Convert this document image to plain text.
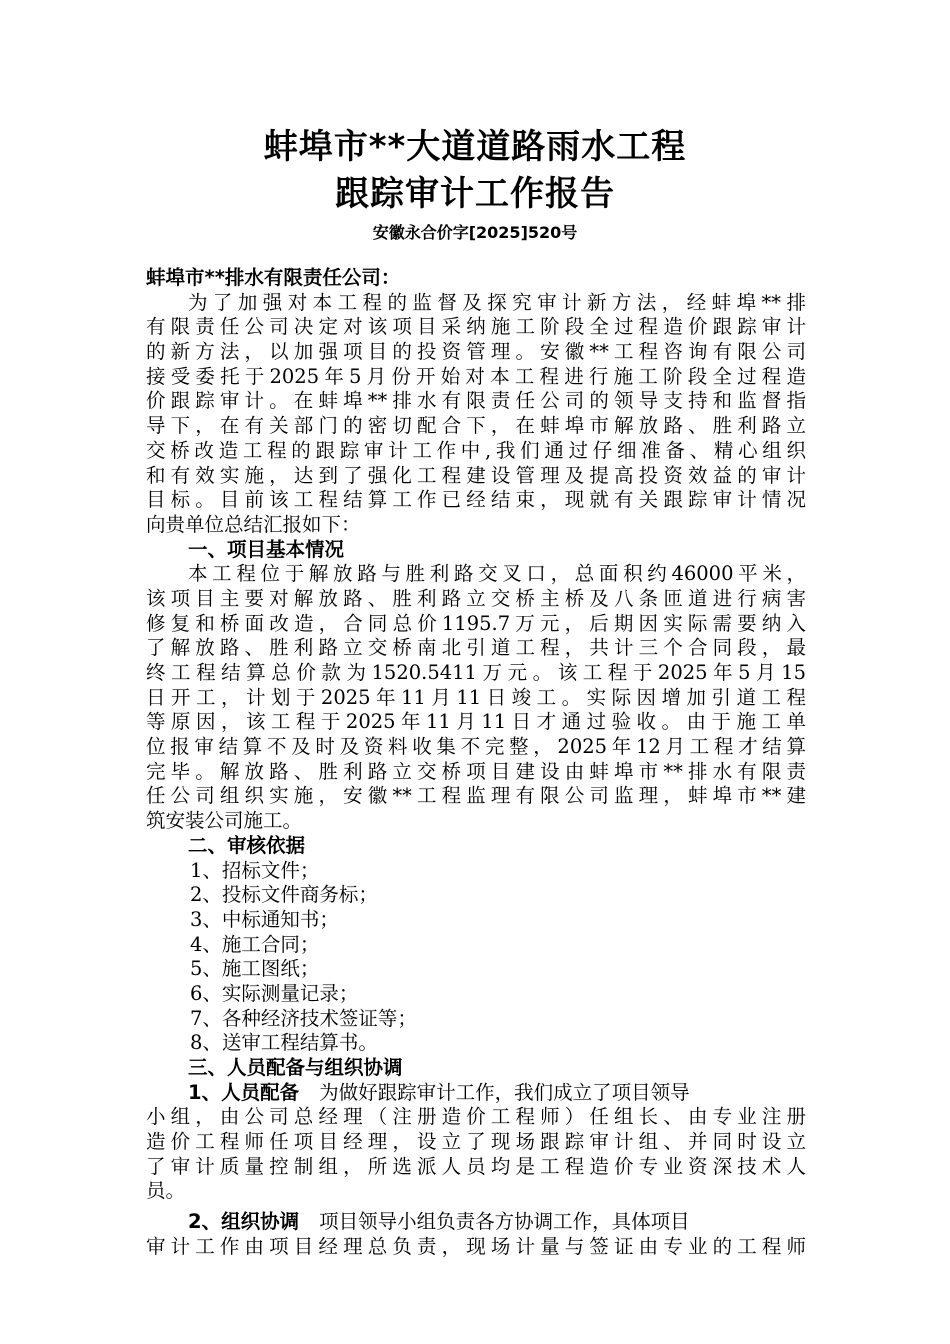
蚌埠市**大道道路雨水工程
跟踪审计工作报告
安徽永合价字[2025]520号
蚌埠市**排水有限责任公司：
为了加强对本工程的监督及探究审计新方法，经蚌埠**排
有限责任公司决定对该项目采纳施工阶段全过程造价跟踪审计
的新方法，以加强项目的投资管理。安徽**工程咨询有限公司
接受委托于2025年5月份开始对本工程进行施工阶段全过程造
价跟踪审计。在蚌埠**排水有限责任公司的领导支持和监督指
导下，在有关部门的密切配合下，在蚌埠市解放路、胜利路立
交桥改造工程的跟踪审计工作中,我们通过仔细准备、精心组织
和有效实施，达到了强化工程建设管理及提高投资效益的审计
目标。目前该工程结算工作已经结束，现就有关跟踪审计情况
向贵单位总结汇报如下：
一、项目基本情况
本工程位于解放路与胜利路交叉口，总面积约46000平米，
该项目主要对解放路、胜利路立交桥主桥及八条匝道进行病害
修复和桥面改造，合同总价1195.7万元，后期因实际需要纳入
了解放路、胜利路立交桥南北引道工程，共计三个合同段，最
终工程结算总价款为1520.5411万元。该工程于2025年5月15
日开工，计划于2025年11月11日竣工。实际因增加引道工程
等原因，该工程于2025年11月11日才通过验收。由于施工单
位报审结算不及时及资料收集不完整，2025年12月工程才结算
完毕。解放路、胜利路立交桥项目建设由蚌埠市**排水有限责
任公司组织实施，安徽**工程监理有限公司监理，蚌埠市**建
筑安装公司施工。
二、审核依据
1、招标文件；
2、投标文件商务标；
3、中标通知书；
4、施工合同；
5、施工图纸；
6、实际测量记录；
7、各种经济技术签证等；
8、送审工程结算书。
三、人员配备与组织协调
1、人员配备 为做好跟踪审计工作，我们成立了项目领导
小组，由公司总经理（注册造价工程师）任组长、由专业注册
造价工程师任项目经理，设立了现场跟踪审计组、并同时设立
了审计质量控制组，所选派人员均是工程造价专业资深技术人
员。
2、组织协调 项目领导小组负责各方协调工作，具体项目
审计工作由项目经理总负责，现场计量与签证由专业的工程师
